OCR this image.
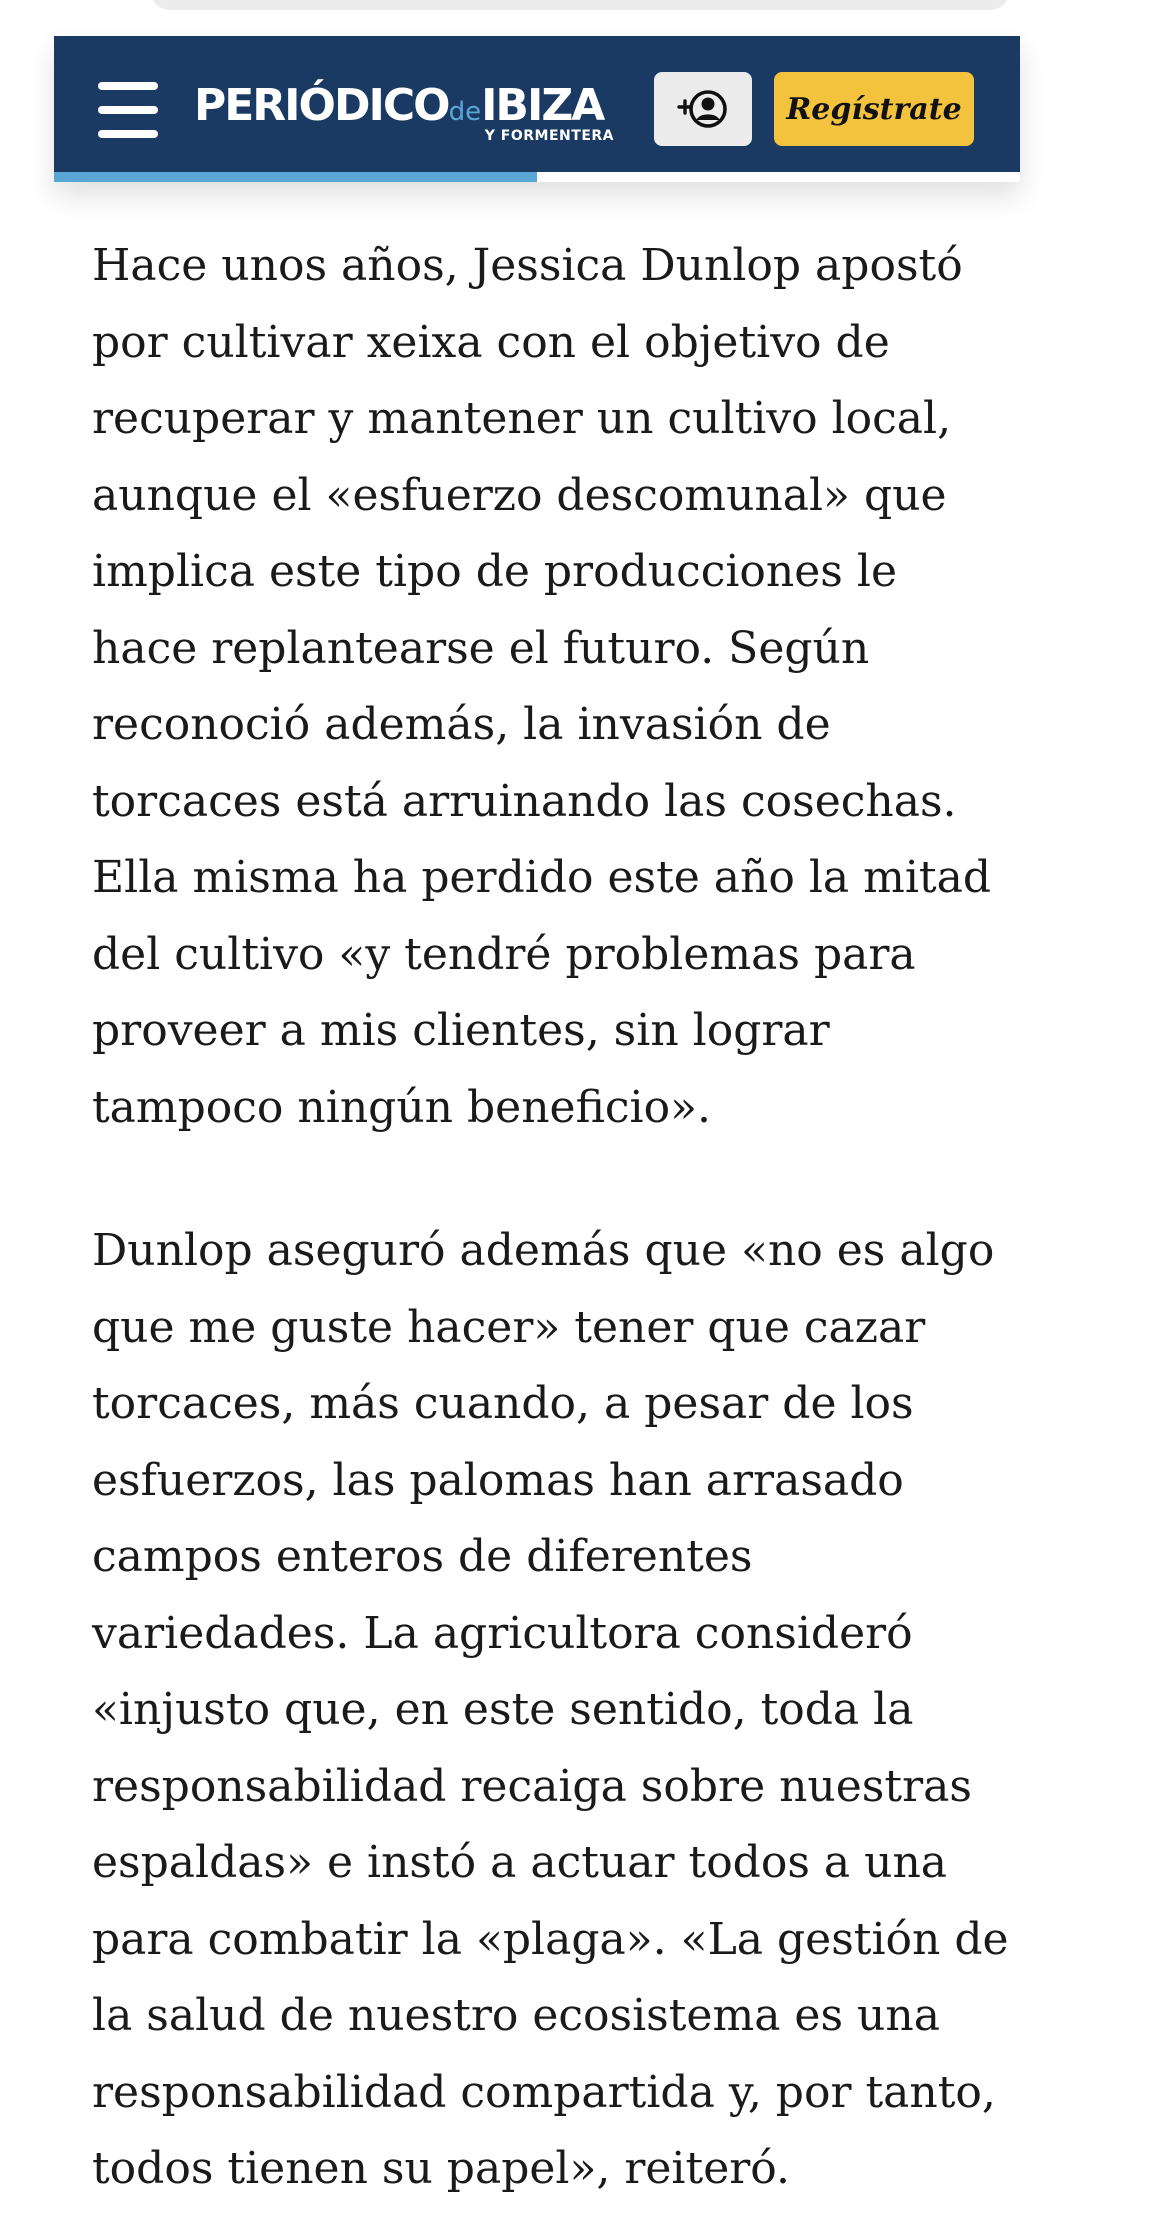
PERIÓDICOdeIBIZA
Y FORMENTERA
Regístrate

Hace unos años, Jessica Dunlop apostó por cultivar xeixa con el objetivo de recuperar y mantener un cultivo local, aunque el «esfuerzo descomunal» que implica este tipo de producciones le hace replantearse el futuro. Según reconoció además, la invasión de torcaces está arruinando las cosechas. Ella misma ha perdido este año la mitad del cultivo «y tendré problemas para proveer a mis clientes, sin lograr tampoco ningún beneficio».

Dunlop aseguró además que «no es algo que me guste hacer» tener que cazar torcaces, más cuando, a pesar de los esfuerzos, las palomas han arrasado campos enteros de diferentes variedades. La agricultora consideró «injusto que, en este sentido, toda la responsabilidad recaiga sobre nuestras espaldas» e instó a actuar todos a una para combatir la «plaga». «La gestión de la salud de nuestro ecosistema es una responsabilidad compartida y, por tanto, todos tienen su papel», reiteró.
